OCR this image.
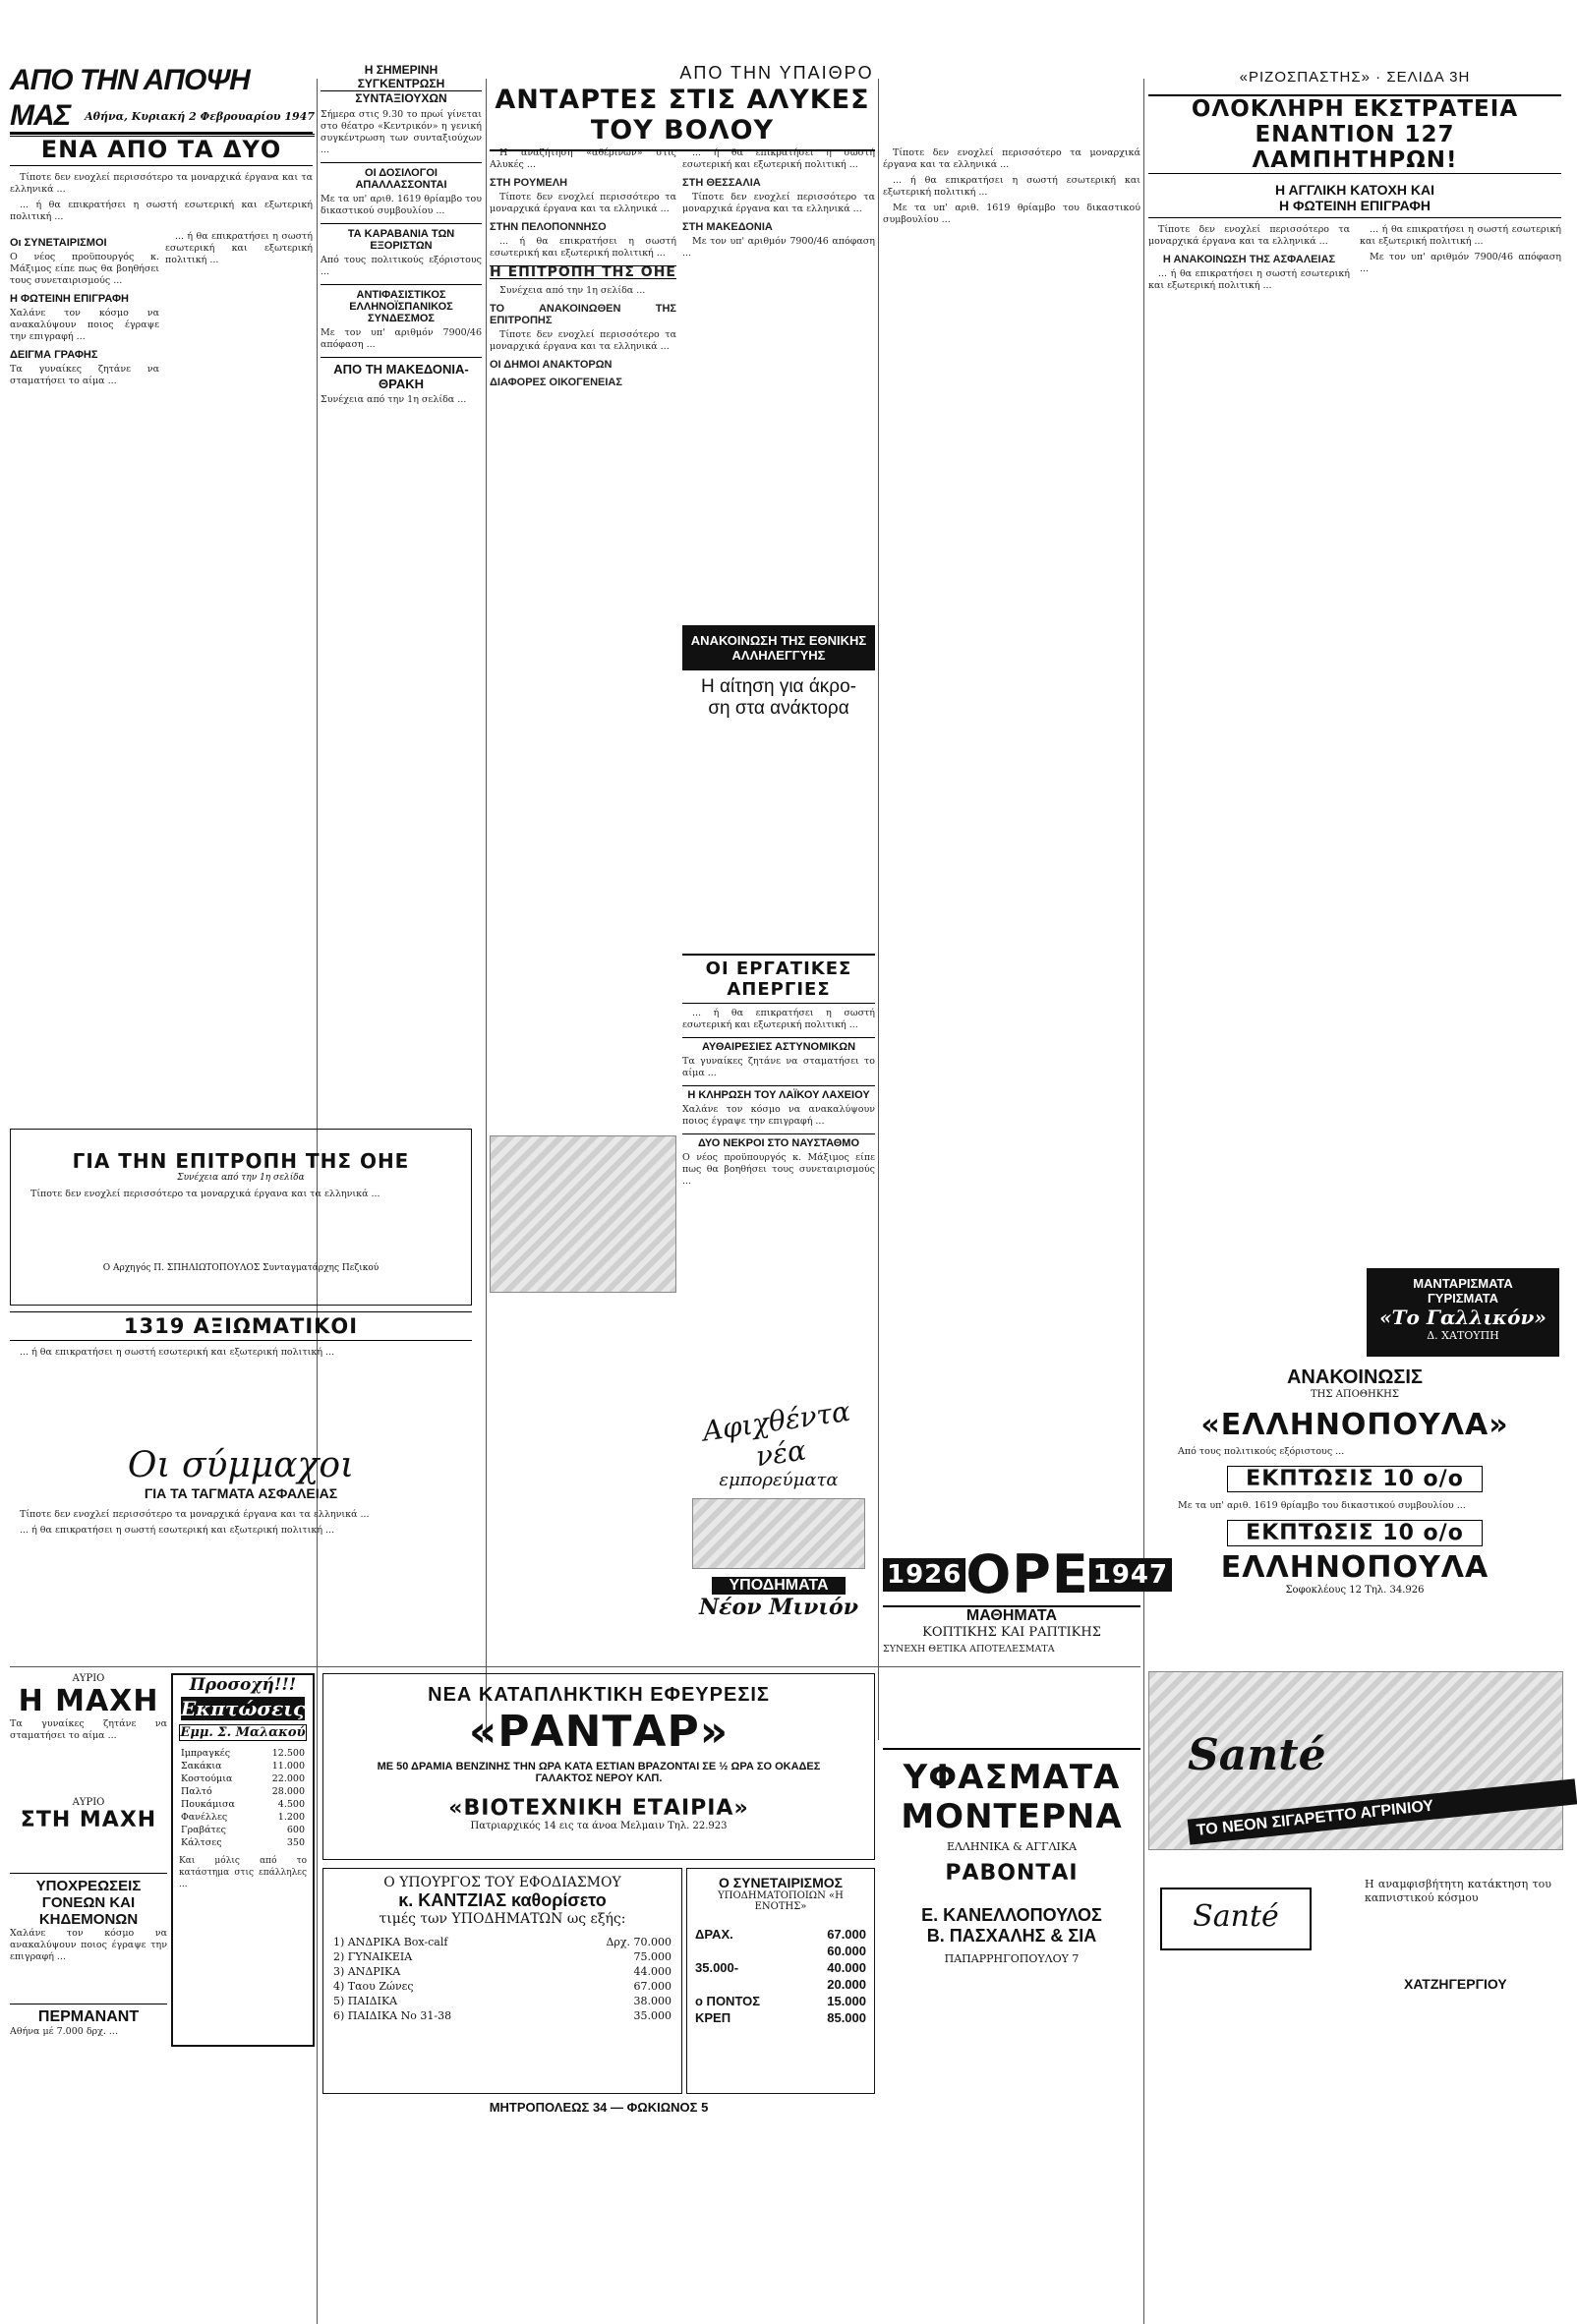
ΑΠΟ ΤΗΝ ΑΠΟΨΗ ΜΑΣ	Αθήνα, Κυριακή 2 Φεβρουαρίου 1947
ΑΠΟ ΤΗΝ ΥΠΑΙΘΡΟ	«ΡΙΖΟΣΠΑΣΤΗΣ» · ΣΕΛΙΔΑ 3Η
ΕΝΑ ΑΠΟ ΤΑ ΔΥΟ

Τίποτε δεν ενοχλεί περισσότερο τα μοναρχικά έργανα και τα ελληνικά ...

... ή θα επικρατήσει η σωστή εσωτερική και εξωτερική πολιτική ...

Οι ΣΥΝΕΤΑΙΡΙΣΜΟΙ
Ο νέος προϋπουργός κ. Μάξιμος είπε πως θα βοηθήσει τους συνεταιρισμούς ...
Η ΦΩΤΕΙΝΗ ΕΠΙΓΡΑΦΗ
Χαλάνε τον κόσμο να ανακαλύψουν ποιος έγραψε την επιγραφή ...
ΔΕΙΓΜΑ ΓΡΑΦΗΣ
Τα γυναίκες ζητάνε να σταματήσει το αίμα ...

... ή θα επικρατήσει η σωστή εσωτερική και εξωτερική πολιτική ...

ΓΙΑ ΤΗΝ ΕΠΙΤΡΟΠΗ ΤΗΣ ΟΗΕ
Συνέχεια από την 1η σελίδα

Τίποτε δεν ενοχλεί περισσότερο τα μοναρχικά έργανα και τα ελληνικά ...

Ο Αρχηγός Π. ΣΠΗΛΙΩΤΟΠΟΥΛΟΣ Συνταγματάρχης Πεζικού
1319 ΑΞΙΩΜΑΤΙΚΟΙ

... ή θα επικρατήσει η σωστή εσωτερική και εξωτερική πολιτική ...

Οι σύμμαχοι
ΓΙΑ ΤΑ ΤΑΓΜΑΤΑ ΑΣΦΑΛΕΙΑΣ

Τίποτε δεν ενοχλεί περισσότερο τα μοναρχικά έργανα και τα ελληνικά ...

... ή θα επικρατήσει η σωστή εσωτερική και εξωτερική πολιτική ...

ΑΥΡΙΟ
Η ΜΑΧΗ
Τα γυναίκες ζητάνε να σταματήσει το αίμα ...
ΑΥΡΙΟ
ΣΤΗ ΜΑΧΗ
ΥΠΟΧΡΕΩΣΕΙΣ ΓΟΝΕΩΝ ΚΑΙ ΚΗΔΕΜΟΝΩΝ
Χαλάνε τον κόσμο να ανακαλύψουν ποιος έγραψε την επιγραφή ...
ΠΕΡΜΑΝΑΝΤ
Αθήνα μέ 7.000 δρχ. ...
Προσοχή!!!
Εκπτώσεις
Εμμ. Σ. Μαλακού
Ιμπραγκές	12.500
Σακάκια	11.000
Κοστούμια	22.000
Παλτό	28.000
Πουκάμισα	4.500
Φανέλλες	1.200
Γραβάτες	600
Κάλτσες	350
Και μόλις από το κατάστημα στις επάλληλες ...
Η ΣΗΜΕΡΙΝΗ ΣΥΓΚΕΝΤΡΩΣΗ
ΣΥΝΤΑΞΙΟΥΧΩΝ
Σήμερα στις 9.30 το πρωί γίνεται στο θέατρο «Κεντρικόν» η γενική συγκέντρωση των συνταξιούχων ...
ΟΙ ΔΟΣΙΛΟΓΟΙ ΑΠΑΛΛΑΣΣΟΝΤΑΙ
Με τα υπ' αριθ. 1619 θρίαμβο του δικαστικού συμβουλίου ...
ΤΑ ΚΑΡΑΒΑΝΙΑ ΤΩΝ ΕΞΟΡΙΣΤΩΝ
Από τους πολιτικούς εξόριστους ...
ΑΝΤΙΦΑΣΙΣΤΙΚΟΣ ΕΛΛΗΝΟΪΣΠΑΝΙΚΟΣ ΣΥΝΔΕΣΜΟΣ
Με τον υπ' αριθμόν 7900/46 απόφαση ...
ΑΠΟ ΤΗ ΜΑΚΕΔΟΝΙΑ-ΘΡΑΚΗ
Συνέχεια από την 1η σελίδα ...
ΑΝΤΑΡΤΕΣ ΣΤΙΣ ΑΛΥΚΕΣ ΤΟΥ ΒΟΛΟΥ

Η αναζήτηση «αθέρινων» στις Αλυκές ...

ΣΤΗ ΡΟΥΜΕΛΗ

Τίποτε δεν ενοχλεί περισσότερο τα μοναρχικά έργανα και τα ελληνικά ...

ΣΤΗΝ ΠΕΛΟΠΟΝΝΗΣΟ

... ή θα επικρατήσει η σωστή εσωτερική και εξωτερική πολιτική ...

Η ΕΠΙΤΡΟΠΗ ΤΗΣ ΟΗΕ

Συνέχεια από την 1η σελίδα ...

ΤΟ ΑΝΑΚΟΙΝΩΘΕΝ ΤΗΣ ΕΠΙΤΡΟΠΗΣ

Τίποτε δεν ενοχλεί περισσότερο τα μοναρχικά έργανα και τα ελληνικά ...

ΟΙ ΔΗΜΟΙ ΑΝΑΚΤΟΡΩΝ
ΔΙΑΦΟΡΕΣ ΟΙΚΟΓΕΝΕΙΑΣ

... ή θα επικρατήσει η σωστή εσωτερική και εξωτερική πολιτική ...

ΣΤΗ ΘΕΣΣΑΛΙΑ

Τίποτε δεν ενοχλεί περισσότερο τα μοναρχικά έργανα και τα ελληνικά ...

ΣΤΗ ΜΑΚΕΔΟΝΙΑ

Με τον υπ' αριθμόν 7900/46 απόφαση ...

ΑΝΑΚΟΙΝΩΣΗ ΤΗΣ ΕΘΝΙΚΗΣ ΑΛΛΗΛΕΓΓΥΗΣ
Η αίτηση για άκρο-
ση στα ανάκτορα
ΟΙ ΕΡΓΑΤΙΚΕΣ ΑΠΕΡΓΙΕΣ

... ή θα επικρατήσει η σωστή εσωτερική και εξωτερική πολιτική ...

ΑΥΘΑΙΡΕΣΙΕΣ ΑΣΤΥΝΟΜΙΚΩΝ
Τα γυναίκες ζητάνε να σταματήσει το αίμα ...
Η ΚΛΗΡΩΣΗ ΤΟΥ ΛΑΪΚΟΥ ΛΑΧΕΙΟΥ
Χαλάνε τον κόσμο να ανακαλύψουν ποιος έγραψε την επιγραφή ...
ΔΥΟ ΝΕΚΡΟΙ ΣΤΟ ΝΑΥΣΤΑΘΜΟ
Ο νέος προϋπουργός κ. Μάξιμος είπε πως θα βοηθήσει τους συνεταιρισμούς ...
Αφιχθέντα νέα
εμπορεύματα
ΥΠΟΔΗΜΑΤΑ
Νέον Μινιόν

Τίποτε δεν ενοχλεί περισσότερο τα μοναρχικά έργανα και τα ελληνικά ...

... ή θα επικρατήσει η σωστή εσωτερική και εξωτερική πολιτική ...

Με τα υπ' αριθ. 1619 θρίαμβο του δικαστικού συμβουλίου ...

1926 ΟΡΕ 1947
ΜΑΘΗΜΑΤΑ
ΚΟΠΤΙΚΗΣ ΚΑΙ ΡΑΠΤΙΚΗΣ
ΣΥΝΕΧΗ ΘΕΤΙΚΑ ΑΠΟΤΕΛΕΣΜΑΤΑ
ΥΦΑΣΜΑΤΑ
ΜΟΝΤΕΡΝΑ
ΕΛΛΗΝΙΚΑ & ΑΓΓΛΙΚΑ
ΡΑΒΟΝΤΑΙ
Ε. ΚΑΝΕΛΛΟΠΟΥΛΟΣ
Β. ΠΑΣΧΑΛΗΣ & ΣΙΑ
ΠΑΠΑΡΡΗΓΟΠΟΥΛΟΥ 7
ΝΕΑ ΚΑΤΑΠΛΗΚΤΙΚΗ ΕΦΕΥΡΕΣΙΣ
«ΡΑΝΤΑΡ»
ΜΕ 50 ΔΡΑΜΙΑ ΒΕΝΖΙΝΗΣ ΤΗΝ ΩΡΑ ΚΑΤΑ ΕΣΤΙΑΝ ΒΡΑΖΟΝΤΑΙ ΣΕ ½ ΩΡΑ ΣΟ ΟΚΑΔΕΣ ΓΑΛΑΚΤΟΣ ΝΕΡΟΥ ΚΛΠ.
«ΒΙΟΤΕΧΝΙΚΗ ΕΤΑΙΡΙΑ»
Πατριαρχικός 14 εις τα άνοα Μελμαιν Τηλ. 22.923
Ο ΥΠΟΥΡΓΟΣ ΤΟΥ ΕΦΟΔΙΑΣΜΟΥ
κ. ΚΑΝΤΖΙΑΣ καθορίσετο
τιμές των ΥΠΟΔΗΜΑΤΩΝ ως εξής:
1) ΑΝΔΡΙΚΑ Box-calf	Δρχ. 70.000
2) ΓΥΝΑΙΚΕΙΑ	75.000
3) ΑΝΔΡΙΚΑ	44.000
4) Ταου Ζώνες	67.000
5) ΠΑΙΔΙΚΑ	38.000
6) ΠΑΙΔΙΚΑ Νο 31-38	35.000
Ο ΣΥΝΕΤΑΙΡΙΣΜΟΣ
ΥΠΟΔΗΜΑΤΟΠΟΙΩΝ «Η ΕΝΟΤΗΣ»
ΔΡΑΧ.	67.000
60.000
35.000-	40.000
20.000
ο ΠΟΝΤΟΣ	15.000
ΚΡΕΠ	85.000
ΜΗΤΡΟΠΟΛΕΩΣ 34 — ΦΩΚΙΩΝΟΣ 5
ΟΛΟΚΛΗΡΗ ΕΚΣΤΡΑΤΕΙΑ
ΕΝΑΝΤΙΟΝ 127 ΛΑΜΠΗΤΗΡΩΝ!
Η ΑΓΓΛΙΚΗ ΚΑΤΟΧΗ ΚΑΙ
Η ΦΩΤΕΙΝΗ ΕΠΙΓΡΑΦΗ

Τίποτε δεν ενοχλεί περισσότερο τα μοναρχικά έργανα και τα ελληνικά ...

Η ΑΝΑΚΟΙΝΩΣΗ ΤΗΣ ΑΣΦΑΛΕΙΑΣ

... ή θα επικρατήσει η σωστή εσωτερική και εξωτερική πολιτική ...

... ή θα επικρατήσει η σωστή εσωτερική και εξωτερική πολιτική ...

Με τον υπ' αριθμόν 7900/46 απόφαση ...

ΜΑΝΤΑΡΙΣΜΑΤΑ
ΓΥΡΙΣΜΑΤΑ
«Το Γαλλικόν»
Δ. ΧΑΤΟΥΠΗ
ΑΝΑΚΟΙΝΩΣΙΣ
ΤΗΣ ΑΠΟΘΗΚΗΣ
«ΕΛΛΗΝΟΠΟΥΛΑ»
Από τους πολιτικούς εξόριστους ...
ΕΚΠΤΩΣΙΣ 10 ο/ο
Με τα υπ' αριθ. 1619 θρίαμβο του δικαστικού συμβουλίου ...
ΕΚΠΤΩΣΙΣ 10 ο/ο
ΕΛΛΗΝΟΠΟΥΛΑ
Σοφοκλέους 12 Τηλ. 34.926
Santé
ΤΟ ΝΕΟΝ ΣΙΓΑΡΕΤΤΟ ΑΓΡΙΝΙΟΥ
Santé
Η αναμφισβήτητη κατάκτηση του καπνιστικού κόσμου
ΧΑΤΖΗΓΕΡΓΙΟΥ
